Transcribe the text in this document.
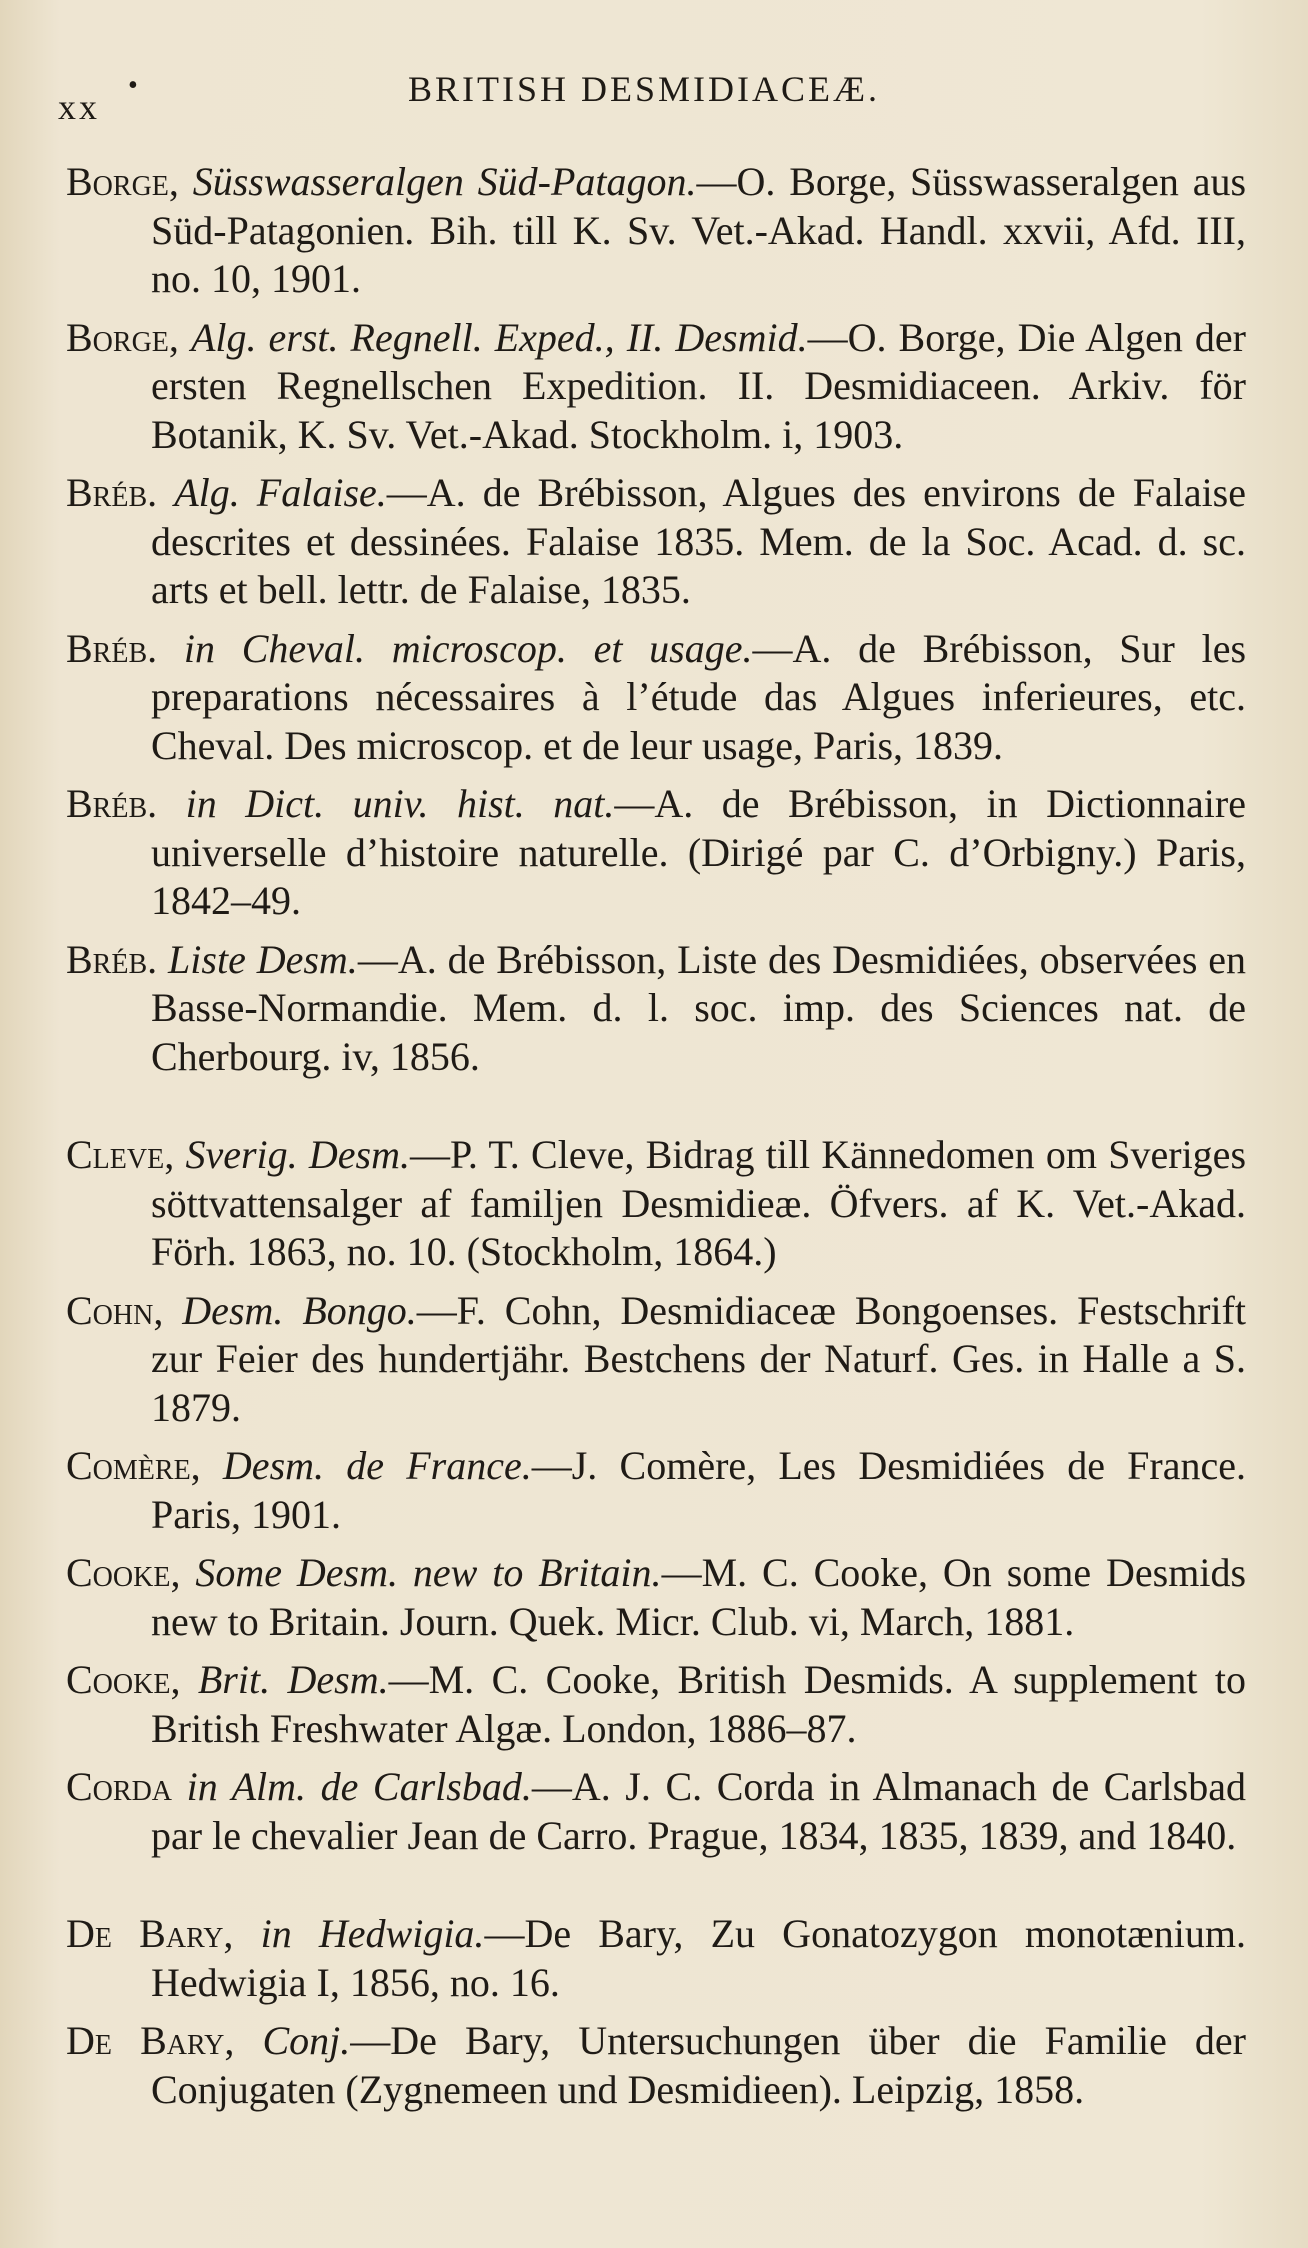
xx
•	BRITISH DESMIDIACEÆ.

Borge, Süsswasseralgen Süd-Patagon.—O. Borge, Süsswasseralgen aus Süd-Patagonien. Bih. till K. Sv. Vet.-Akad. Handl. xxvii, Afd. III, no. 10, 1901.

Borge, Alg. erst. Regnell. Exped., II. Desmid.—O. Borge, Die Algen der ersten Regnellschen Expedition. II. Desmidiaceen. Arkiv. för Botanik, K. Sv. Vet.-Akad. Stockholm. i, 1903.

Bréb. Alg. Falaise.—A. de Brébisson, Algues des environs de Falaise descrites et dessinées. Falaise 1835. Mem. de la Soc. Acad. d. sc. arts et bell. lettr. de Falaise, 1835.

Bréb. in Cheval. microscop. et usage.—A. de Brébisson, Sur les preparations nécessaires à l’étude das Algues inferieures, etc. Cheval. Des microscop. et de leur usage, Paris, 1839.

Bréb. in Dict. univ. hist. nat.—A. de Brébisson, in Dictionnaire universelle d’histoire naturelle. (Dirigé par C. d’Orbigny.) Paris, 1842–49.

Bréb. Liste Desm.—A. de Brébisson, Liste des Desmidiées, observées en Basse-Normandie. Mem. d. l. soc. imp. des Sciences nat. de Cherbourg. iv, 1856.

Cleve, Sverig. Desm.—P. T. Cleve, Bidrag till Kännedomen om Sveriges söttvattensalger af familjen Desmidieæ. Öfvers. af K. Vet.-Akad. Förh. 1863, no. 10. (Stockholm, 1864.)

Cohn, Desm. Bongo.—F. Cohn, Desmidiaceæ Bongoenses. Festschrift zur Feier des hundertjähr. Bestchens der Naturf. Ges. in Halle a S. 1879.

Comère, Desm. de France.—J. Comère, Les Desmidiées de France. Paris, 1901.

Cooke, Some Desm. new to Britain.—M. C. Cooke, On some Desmids new to Britain. Journ. Quek. Micr. Club. vi, March, 1881.

Cooke, Brit. Desm.—M. C. Cooke, British Desmids. A supplement to British Freshwater Algæ. London, 1886–87.

Corda in Alm. de Carlsbad.—A. J. C. Corda in Almanach de Carlsbad par le chevalier Jean de Carro. Prague, 1834, 1835, 1839, and 1840.

De Bary, in Hedwigia.—De Bary, Zu Gonatozygon monotænium. Hedwigia I, 1856, no. 16.

De Bary, Conj.—De Bary, Untersuchungen über die Familie der Conjugaten (Zygnemeen und Desmidieen). Leipzig, 1858.
